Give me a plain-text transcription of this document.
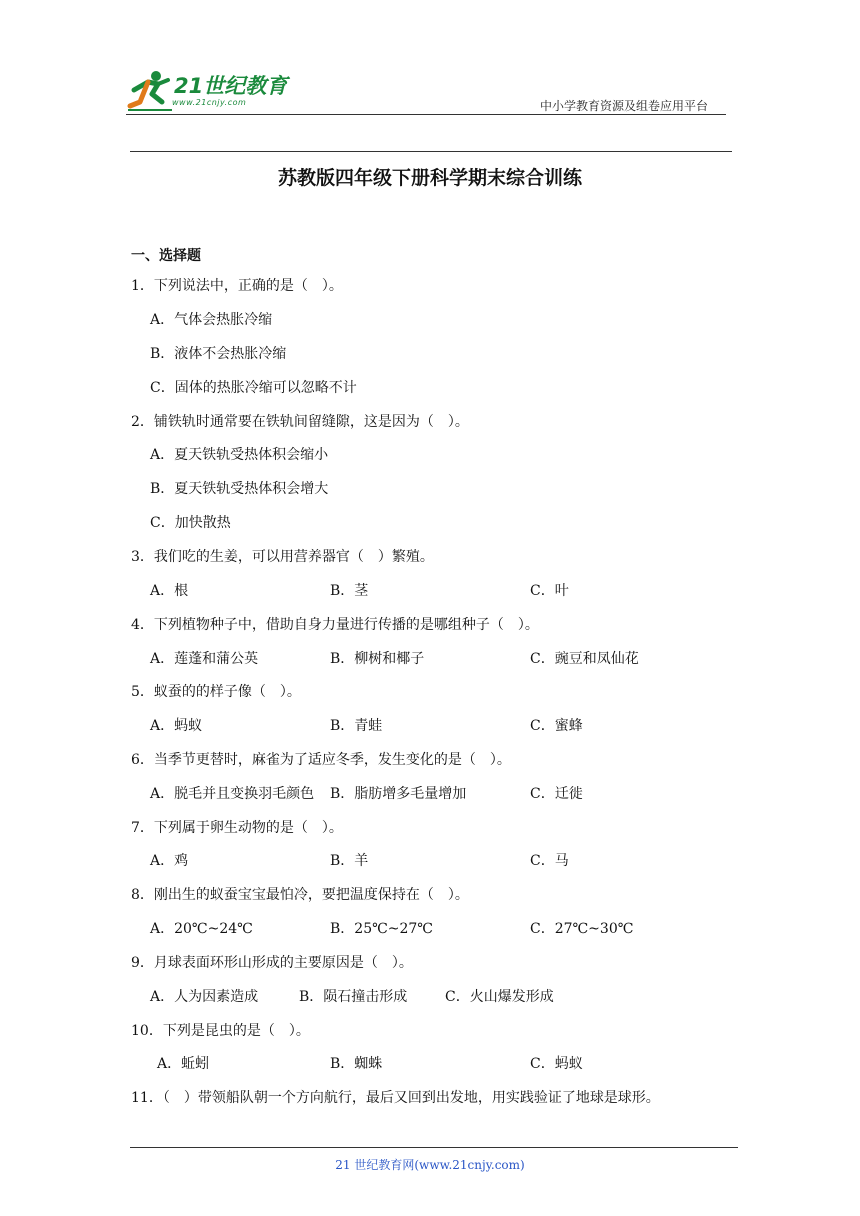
21世纪教育
www.21cnjy.com	中小学教育资源及组卷应用平台
苏教版四年级下册科学期末综合训练
一、选择题
1．下列说法中，正确的是（　）。
A．气体会热胀冷缩
B．液体不会热胀冷缩
C．固体的热胀冷缩可以忽略不计
2．铺铁轨时通常要在铁轨间留缝隙，这是因为（　）。
A．夏天铁轨受热体积会缩小
B．夏天铁轨受热体积会增大
C．加快散热
3．我们吃的生姜，可以用营养器官（　）繁殖。
A．根	B．茎	C．叶
4．下列植物种子中，借助自身力量进行传播的是哪组种子（　）。
A．莲蓬和蒲公英	B．柳树和椰子	C．豌豆和凤仙花
5．蚁蚕的的样子像（　）。
A．蚂蚁	B．青蛙	C．蜜蜂
6．当季节更替时，麻雀为了适应冬季，发生变化的是（　）。
A．脱毛并且变换羽毛颜色 B．脂肪增多毛量增加	C．迁徙
7．下列属于卵生动物的是（　）。
A．鸡	B．羊	C．马
8．刚出生的蚁蚕宝宝最怕冷，要把温度保持在（　）。
A．20℃~24℃	B．25℃~27℃	C．27℃~30℃
9．月球表面环形山形成的主要原因是（　）。
A．人为因素造成	B．陨石撞击形成	C．火山爆发形成
10．下列是昆虫的是（　）。
A．蚯蚓	B．蜘蛛	C．蚂蚁
11．（　）带领船队朝一个方向航行，最后又回到出发地，用实践验证了地球是球形。
21 世纪教育网(www.21cnjy.com)
